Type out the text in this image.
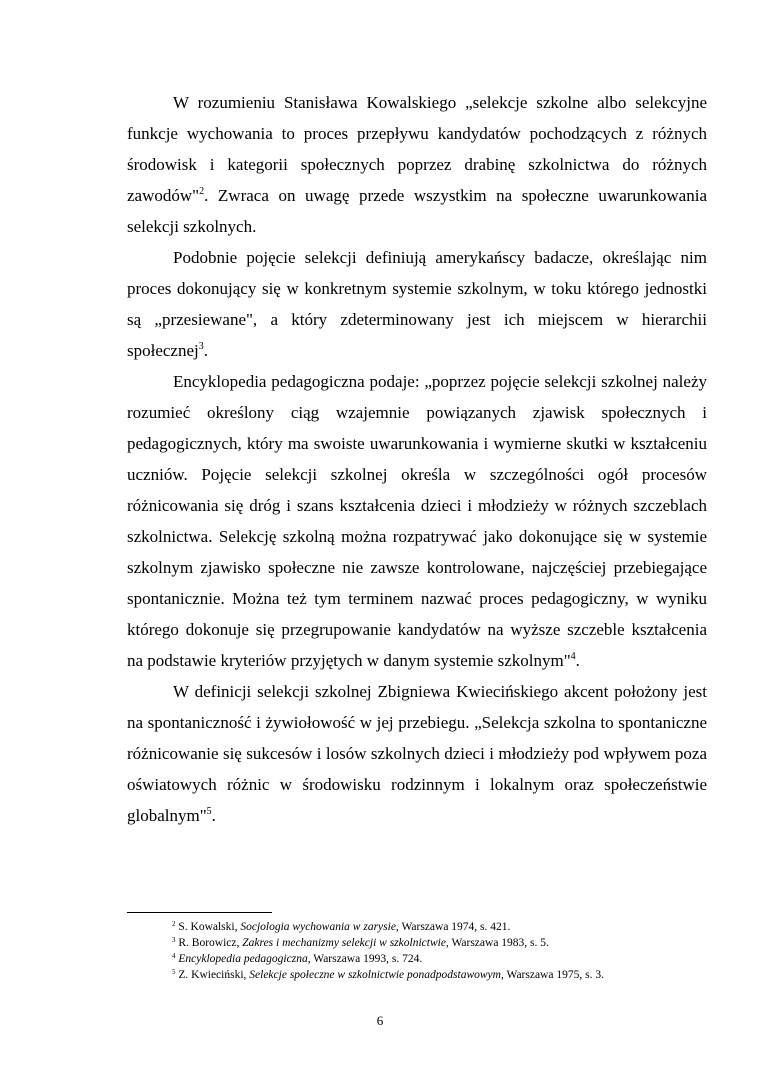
W rozumieniu Stanisława Kowalskiego „selekcje szkolne albo selekcyjne funkcje wychowania to proces przepływu kandydatów pochodzących z różnych środowisk i kategorii społecznych poprzez drabinę szkolnictwa do różnych zawodów"$^2$. Zwraca on uwagę przede wszystkim na społeczne uwarunkowania selekcji szkolnych.

Podobnie pojęcie selekcji definiują amerykańscy badacze, określając nim proces dokonujący się w konkretnym systemie szkolnym, w toku którego jednostki są „przesiewane", a który zdeterminowany jest ich miejscem w hierarchii społecznej$^3$.

Encyklopedia pedagogiczna podaje: „poprzez pojęcie selekcji szkolnej należy rozumieć określony ciąg wzajemnie powiązanych zjawisk społecznych i pedagogicznych, który ma swoiste uwarunkowania i wymierne skutki w kształceniu uczniów. Pojęcie selekcji szkolnej określa w szczególności ogół procesów różnicowania się dróg i szans kształcenia dzieci i młodzieży w różnych szczeblach szkolnictwa. Selekcję szkolną można rozpatrywać jako dokonujące się w systemie szkolnym zjawisko społeczne nie zawsze kontrolowane, najczęściej przebiegające spontanicznie. Można też tym terminem nazwać proces pedagogiczny, w wyniku którego dokonuje się przegrupowanie kandydatów na wyższe szczeble kształcenia na podstawie kryteriów przyjętych w danym systemie szkolnym"$^4$.

W definicji selekcji szkolnej Zbigniewa Kwiecińskiego akcent położony jest na spontaniczność i żywiołowość w jej przebiegu. „Selekcja szkolna to spontaniczne różnicowanie się sukcesów i losów szkolnych dzieci i młodzieży pod wpływem poza oświatowych różnic w środowisku rodzinnym i lokalnym oraz społeczeństwie globalnym"$^5$.

$^2$ S. Kowalski, Socjologia wychowania w zarysie, Warszawa 1974, s. 421.

$^3$ R. Borowicz, Zakres i mechanizmy selekcji w szkolnictwie, Warszawa 1983, s. 5.

$^4$ Encyklopedia pedagogiczna, Warszawa 1993, s. 724.

$^5$ Z. Kwieciński, Selekcje społeczne w szkolnictwie ponadpodstawowym, Warszawa 1975, s. 3.

6
